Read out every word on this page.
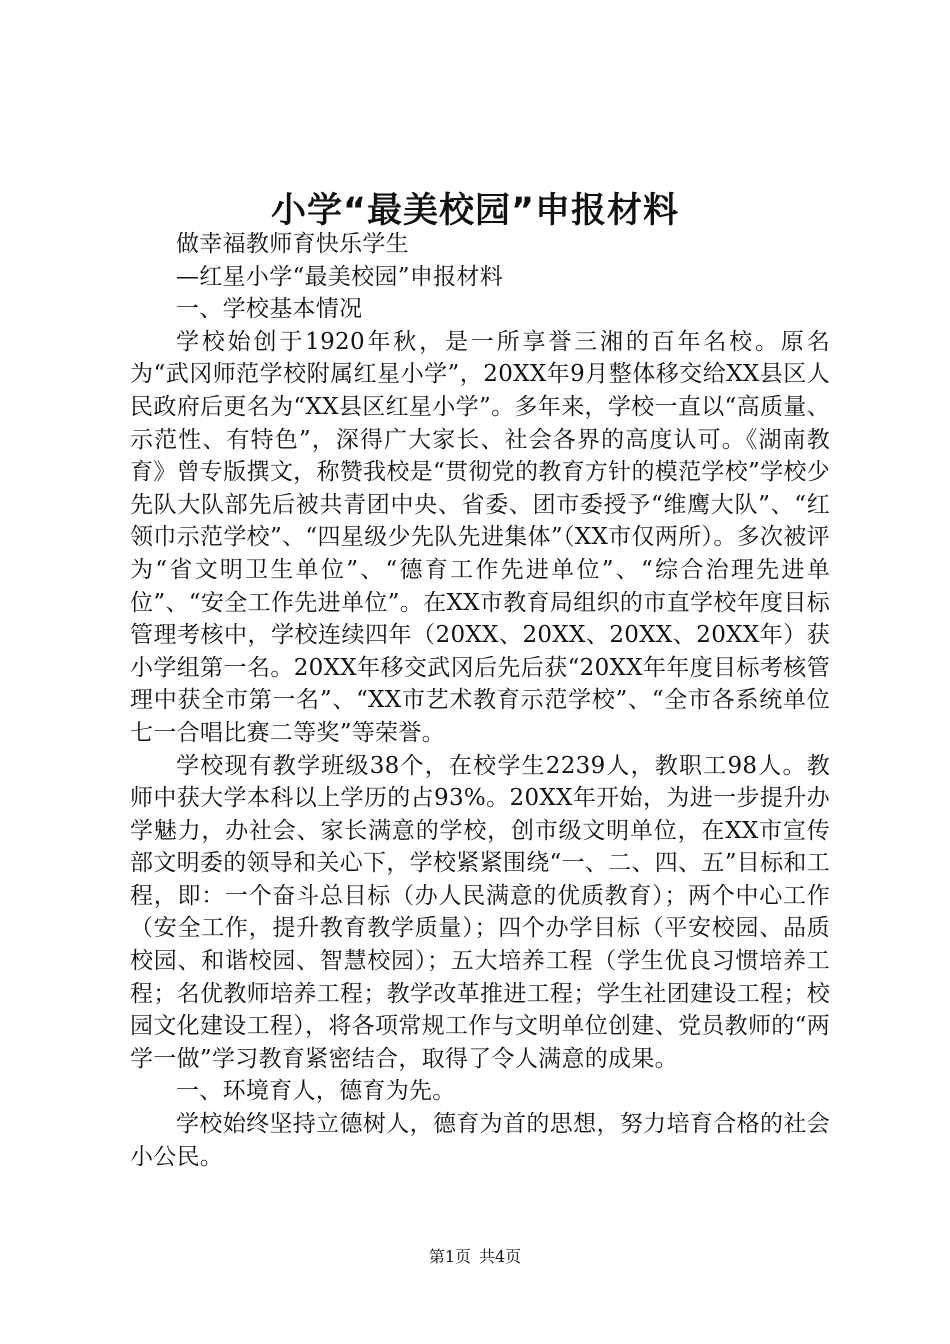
小学“最美校园”申报材料

做幸福教师育快乐学生

—红星小学“最美校园”申报材料

一、学校基本情况

学校始创于1920年秋，是一所享誉三湘的百年名校。原名为“武冈师范学校附属红星小学”，20XX年9月整体移交给XX县区人民政府后更名为“XX县区红星小学”。多年来，学校一直以“高质量、示范性、有特色”，深得广大家长、社会各界的高度认可。《湖南教育》曾专版撰文，称赞我校是“贯彻党的教育方针的模范学校”学校少先队大队部先后被共青团中央、省委、团市委授予“维鹰大队”、“红领巾示范学校”、“四星级少先队先进集体”（XX市仅两所）。多次被评为“省文明卫生单位”、“德育工作先进单位”、“综合治理先进单位”、“安全工作先进单位”。在XX市教育局组织的市直学校年度目标管理考核中，学校连续四年（20XX、20XX、20XX、20XX年）获小学组第一名。20XX年移交武冈后先后获“20XX年年度目标考核管理中获全市第一名”、“XX市艺术教育示范学校”、“全市各系统单位七一合唱比赛二等奖”等荣誉。

学校现有教学班级38个，在校学生2239人，教职工98人。教师中获大学本科以上学历的占93%。20XX年开始，为进一步提升办学魅力，办社会、家长满意的学校，创市级文明单位，在XX市宣传部文明委的领导和关心下，学校紧紧围绕“一、二、四、五”目标和工程，即：一个奋斗总目标（办人民满意的优质教育）；两个中心工作（安全工作，提升教育教学质量）；四个办学目标（平安校园、品质校园、和谐校园、智慧校园）；五大培养工程（学生优良习惯培养工程；名优教师培养工程；教学改革推进工程；学生社团建设工程；校园文化建设工程），将各项常规工作与文明单位创建、党员教师的“两学一做”学习教育紧密结合，取得了令人满意的成果。

一、环境育人，德育为先。

学校始终坚持立德树人，德育为首的思想，努力培育合格的社会小公民。

第1页 共4页
